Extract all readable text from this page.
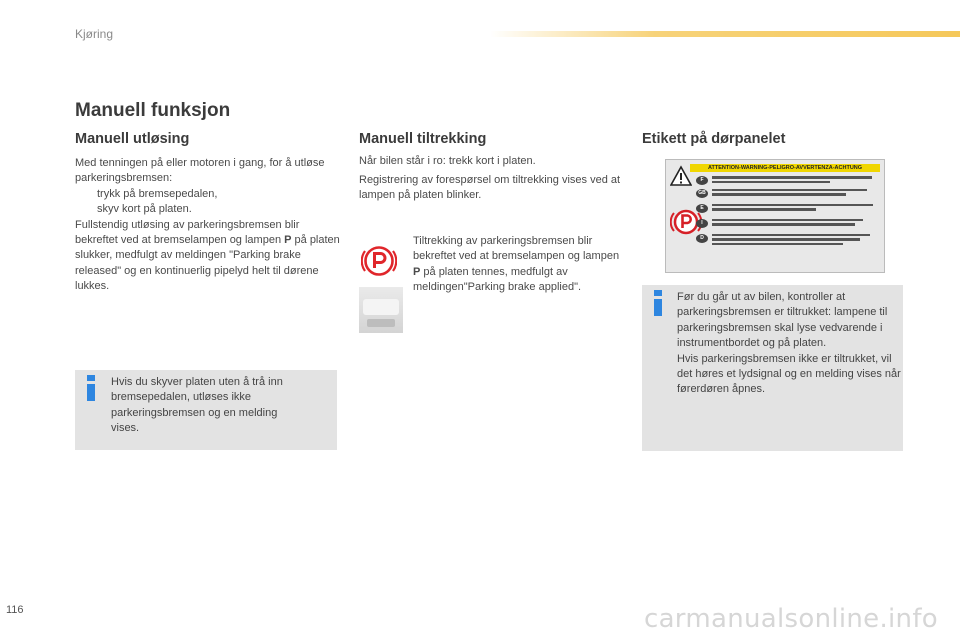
Kjøring
Manuell funksjon
Manuell utløsing

Med tenningen på eller motoren i gang, for å utløse parkeringsbremsen:

trykk på bremsepedalen,

skyv kort på platen.

Fullstendig utløsing av parkeringsbremsen blir bekreftet ved at bremselampen og lampen P på platen slukker, medfulgt av meldingen "Parking brake released" og en kontinuerlig pipelyd helt til dørene lukkes.

Hvis du skyver platen uten å trå inn bremsepedalen, utløses ikke parkeringsbremsen og en melding vises.
Manuell tiltrekking
Når bilen står i ro: trekk kort i platen.
Registrering av forespørsel om tiltrekking vises ved at lampen på platen blinker.
Tiltrekking av parkeringsbremsen blir bekreftet ved at bremselampen og lampen P på platen tennes, medfulgt av meldingen"Parking brake applied".
Etikett på dørpanelet
ATTENTION-WARNING-PELIGRO-AVVERTENZA-ACHTUNG
F
GB
E
I
D

Før du går ut av bilen, kontroller at parkeringsbremsen er tiltrukket: lampene til parkeringsbremsen skal lyse vedvarende i instrumentbordet og på platen.

Hvis parkeringsbremsen ikke er tiltrukket, vil det høres et lydsignal og en melding vises når førerdøren åpnes.

116	carmanualsonline.info
